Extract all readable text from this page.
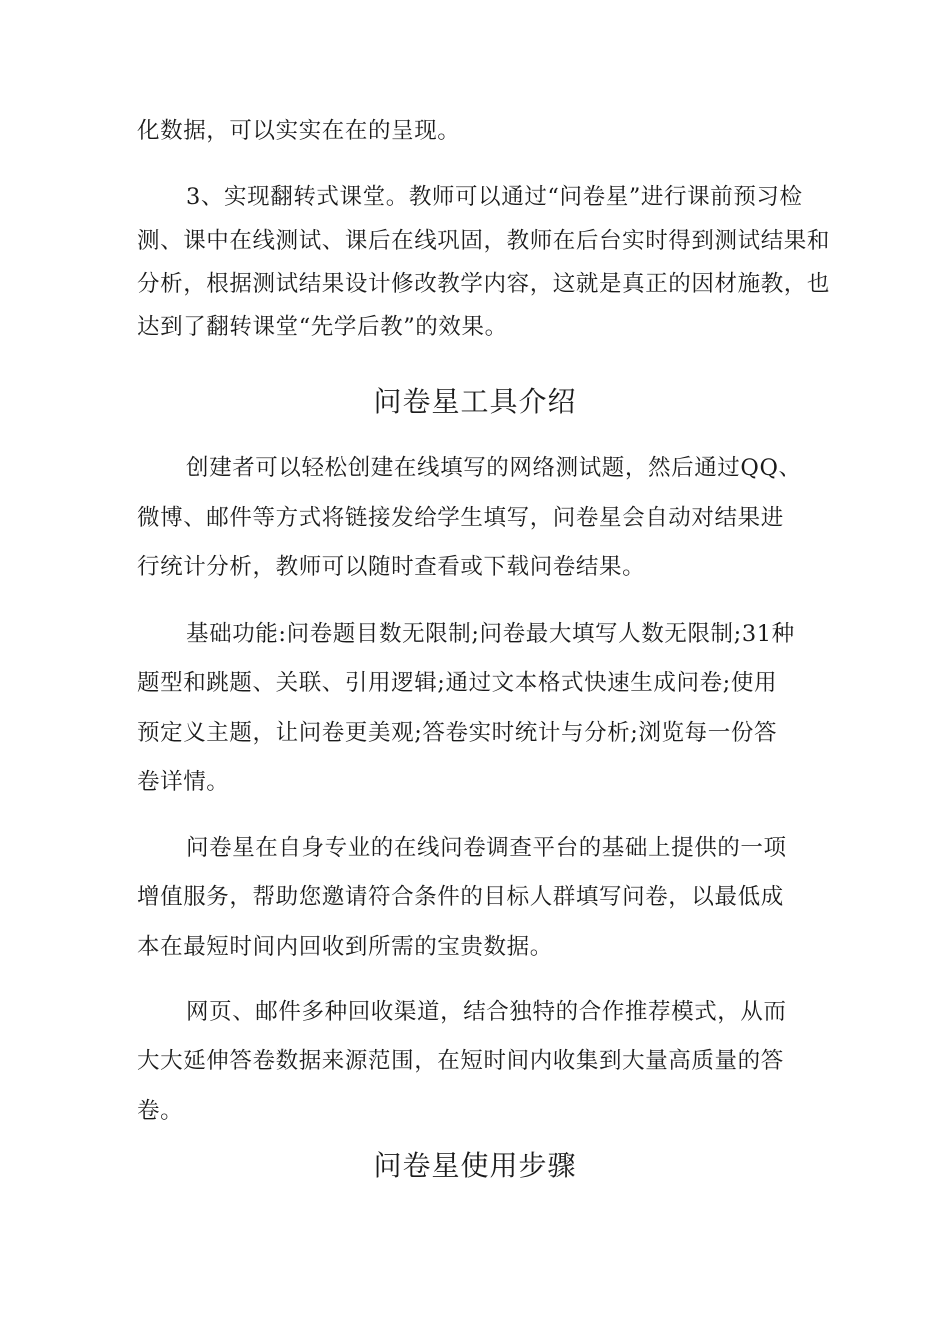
化数据，可以实实在在的呈现。
3、实现翻转式课堂。教师可以通过“问卷星”进行课前预习检
测、课中在线测试、课后在线巩固，教师在后台实时得到测试结果和
分析，根据测试结果设计修改教学内容，这就是真正的因材施教，也
达到了翻转课堂“先学后教”的效果。
问卷星工具介绍
创建者可以轻松创建在线填写的网络测试题，然后通过QQ、
微博、邮件等方式将链接发给学生填写，问卷星会自动对结果进
行统计分析，教师可以随时查看或下载问卷结果。
基础功能:问卷题目数无限制;问卷最大填写人数无限制;31种
题型和跳题、关联、引用逻辑;通过文本格式快速生成问卷;使用
预定义主题，让问卷更美观;答卷实时统计与分析;浏览每一份答
卷详情。
问卷星在自身专业的在线问卷调查平台的基础上提供的一项
增值服务，帮助您邀请符合条件的目标人群填写问卷，以最低成
本在最短时间内回收到所需的宝贵数据。
网页、邮件多种回收渠道，结合独特的合作推荐模式，从而
大大延伸答卷数据来源范围，在短时间内收集到大量高质量的答
卷。
问卷星使用步骤
